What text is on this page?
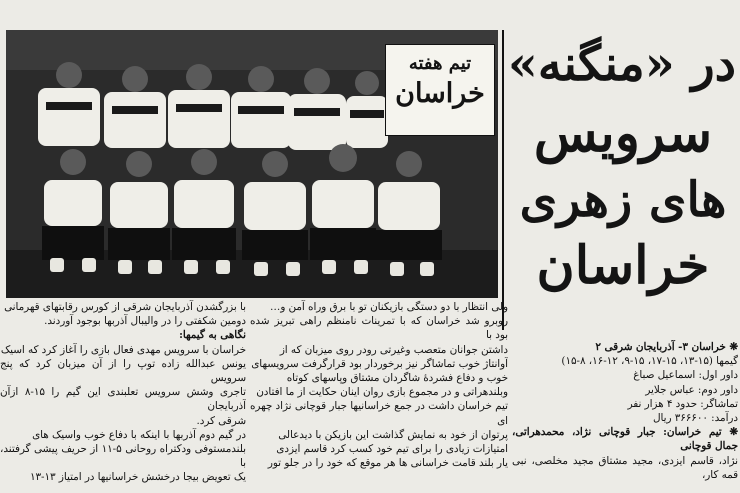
تیم هفته
خراسان
در «منگنه»
سرویس
های زهری
خراسان

❋ خراسان ۳- آذربایجان شرقی ۲

گیمها (۱۵-۱۳، ۱۵-۱۷، ۱۵-۹، ۱۲-۱۶، ۸-۱۵)

داور اول: اسماعیل صباغ

داور دوم: عباس جلایر

تماشاگر: حدود ۴ هزار نفر

درآمد: ۳۶۶۶۰۰ ریال

❋ تیم خراسان: جبار قوچانی نژاد، محمدهراتی، جمال قوچانی

نژاد، قاسم ایزدی، مجید مشتاق مجید مخلصی، نبی قمه کار،

ولی انتظار با دو دستگی بازیکنان تو با برق وراه آمن و…

روبرو شد خراسان که با تمرینات نامنظم راهی تبریز شده بود با

داشتن جوانان متعصب وغیرتی رودر روی میزبان که از

آوانتاژ خوب تماشاگر نیز برخوردار بود قرارگرفت سرویسهای

خوب و دفاع فشردهٔ شاگردان مشتاق وپاسهای کوتاه

وبلندهراتی و در مجموع بازی روان اینان حکایت از ما افتادن

تیم خراسان داشت در جمع خراسانیها جبار قوچانی نژاد چهره ای

پرتوان از خود به نمایش گذاشت این بازیکن با دیدعالی

امتیازات زیادی را برای تیم خود کسب کرد قاسم ایزدی

یار بلند قامت خراسانی ها هر موقع که خود را در جلو تور

با بزرگشدن آذربایجان شرقی از کورس رقابتهای قهرمانی

دومین شکفتی را در والیبال آذربها بوجود آوردند.

نگاهی به گیمها:

خراسان با سرویس مهدی فعال بازی را آغاز کرد که اسیک

یونس عبدالله زاده توپ را از آن میزبان کرد که پنج سرویس

تاجری وشش سرویس تعلبندی این گیم را ۱۵-۸ ازآن آذربایجان

شرقی کرد.

در گیم دوم آذربها با اینکه با دفاع خوب واسیک های

بلندمستوفی ودکتراه روحانی ۵-۱۱ از حریف پیشی گرفتند، با

یک تعویض بیجا درخشش خراسانیها در امتیاز ۱۳-۱۳
